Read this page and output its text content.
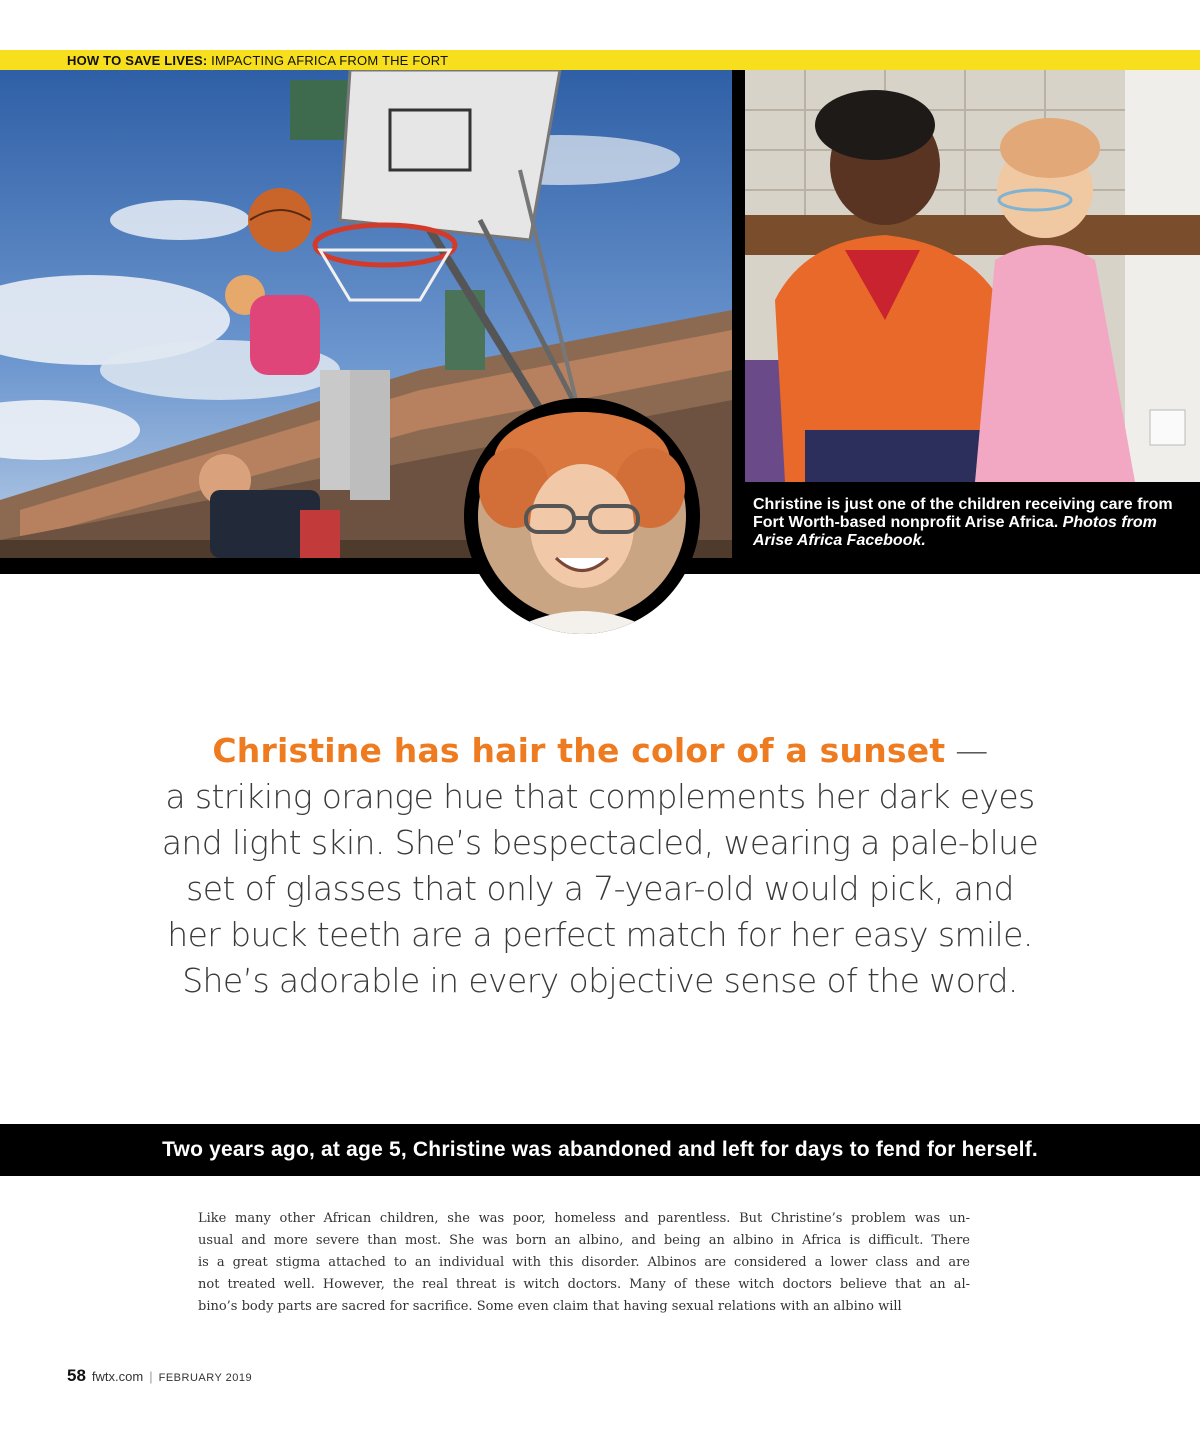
HOW TO SAVE LIVES: IMPACTING AFRICA FROM THE FORT
Christine is just one of the children receiving care from Fort Worth-based nonprofit Arise Africa. Photos from Arise Africa Facebook.
Christine has hair the color of a sunset —
a striking orange hue that complements her dark eyes
and light skin. She’s bespectacled, wearing a pale-blue
set of glasses that only a 7-year-old would pick, and
her buck teeth are a perfect match for her easy smile.
She’s adorable in every objective sense of the word.
Two years ago, at age 5, Christine was abandoned and left for days to fend for herself.
Like many other African children, she was poor, homeless and parentless. But Christine’s problem was un-
usual and more severe than most. She was born an albino, and being an albino in Africa is difficult. There
is a great stigma attached to an individual with this disorder. Albinos are considered a lower class and are
not treated well. However, the real threat is witch doctors. Many of these witch doctors believe that an al-
bino’s body parts are sacred for sacrifice. Some even claim that having sexual relations with an albino will
58 fwtx.com | FEBRUARY 2019
